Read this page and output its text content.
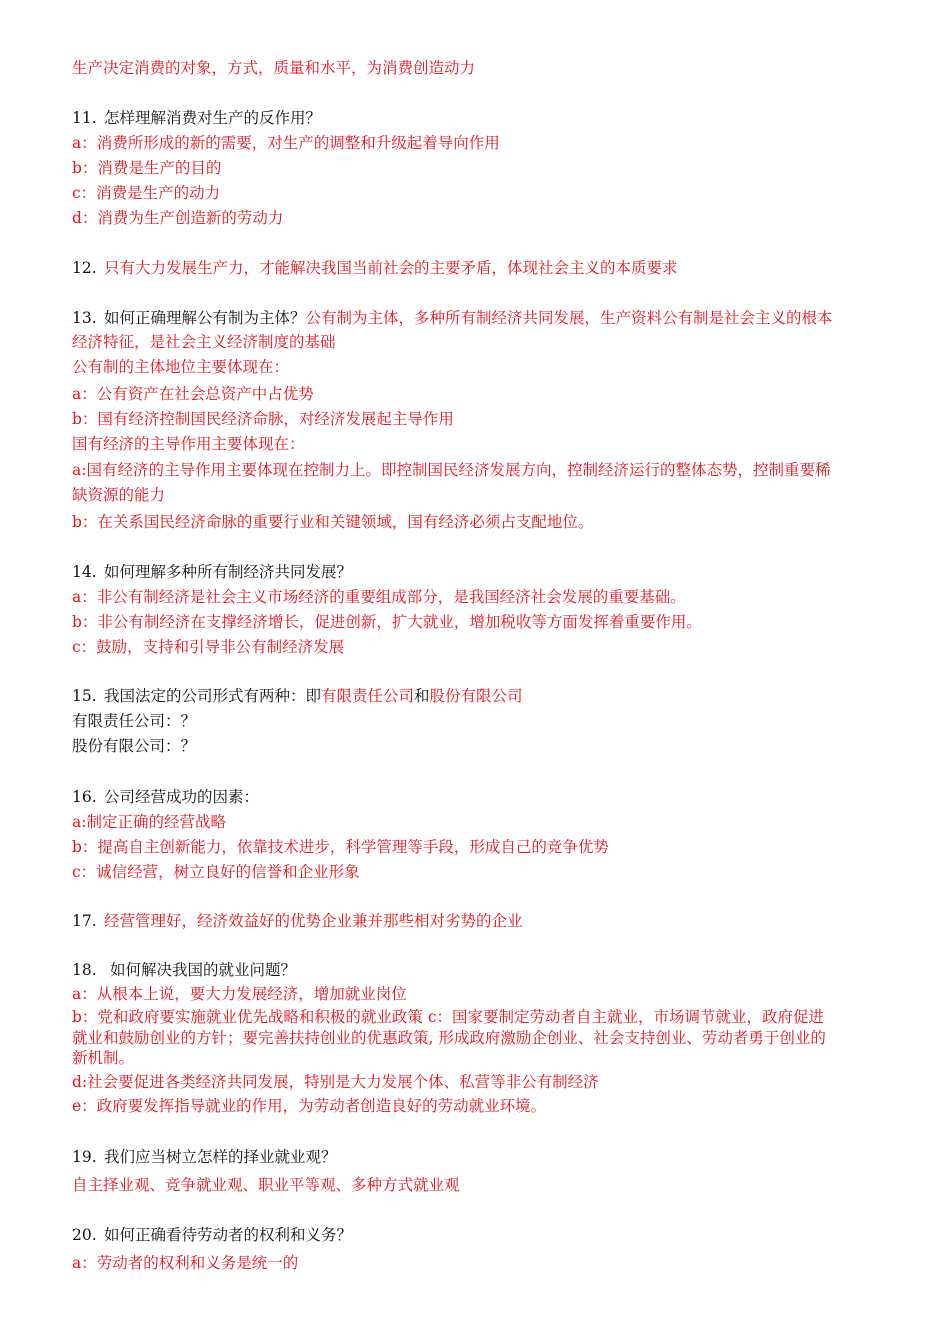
生产决定消费的对象，方式，质量和水平，为消费创造动力
11. 怎样理解消费对生产的反作用？
a：消费所形成的新的需要，对生产的调整和升级起着导向作用
b：消费是生产的目的
c：消费是生产的动力
d：消费为生产创造新的劳动力
12. 只有大力发展生产力，才能解决我国当前社会的主要矛盾，体现社会主义的本质要求
13. 如何正确理解公有制为主体？公有制为主体，多种所有制经济共同发展，生产资料公有制是社会主义的根本
经济特征，是社会主义经济制度的基础
公有制的主体地位主要体现在：
a：公有资产在社会总资产中占优势
b：国有经济控制国民经济命脉，对经济发展起主导作用
国有经济的主导作用主要体现在：
a:国有经济的主导作用主要体现在控制力上。即控制国民经济发展方向，控制经济运行的整体态势，控制重要稀
缺资源的能力
b：在关系国民经济命脉的重要行业和关键领域，国有经济必须占支配地位。
14. 如何理解多种所有制经济共同发展？
a：非公有制经济是社会主义市场经济的重要组成部分，是我国经济社会发展的重要基础。
b：非公有制经济在支撑经济增长，促进创新，扩大就业，增加税收等方面发挥着重要作用。
c：鼓励，支持和引导非公有制经济发展
15. 我国法定的公司形式有两种：即有限责任公司和股份有限公司
有限责任公司：？
股份有限公司：？
16. 公司经营成功的因素：
a:制定正确的经营战略
b：提高自主创新能力，依靠技术进步，科学管理等手段，形成自己的竞争优势
c：诚信经营，树立良好的信誉和企业形象
17. 经营管理好，经济效益好的优势企业兼并那些相对劣势的企业
18. 如何解决我国的就业问题？
a：从根本上说，要大力发展经济，增加就业岗位
b：党和政府要实施就业优先战略和积极的就业政策 c：国家要制定劳动者自主就业，市场调节就业，政府促进
就业和鼓励创业的方针；要完善扶持创业的优惠政策, 形成政府激励企创业、社会支持创业、劳动者勇于创业的
新机制。
d:社会要促进各类经济共同发展，特别是大力发展个体、私营等非公有制经济
e：政府要发挥指导就业的作用，为劳动者创造良好的劳动就业环境。
19. 我们应当树立怎样的择业就业观？
自主择业观、竞争就业观、职业平等观、多种方式就业观
20. 如何正确看待劳动者的权利和义务？
a：劳动者的权利和义务是统一的
